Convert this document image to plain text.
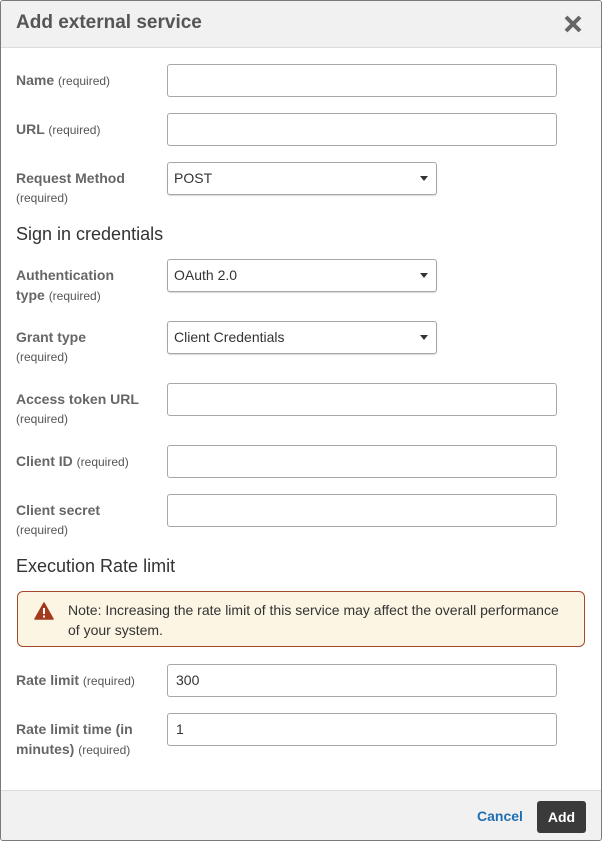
Add external service
Name (required)
URL (required)
Request Method
(required)
POST
Sign in credentials
Authentication
type (required)
OAuth 2.0
Grant type
(required)
Client Credentials
Access token URL
(required)
Client ID (required)
Client secret
(required)
Execution Rate limit
Note: Increasing the rate limit of this service may affect the overall performance of your system.
Rate limit (required)	300
Rate limit time (in
minutes) (required)
1
Cancel	Add
